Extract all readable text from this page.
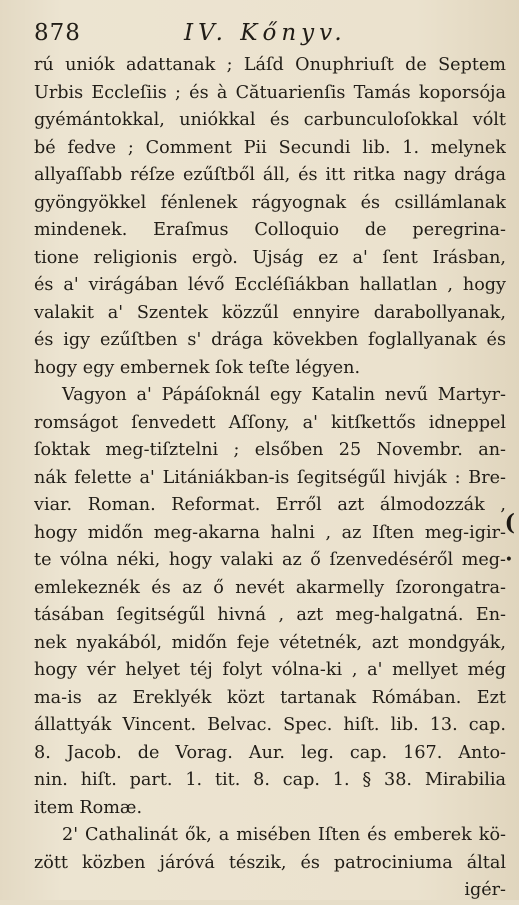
878	IV. Kőnyv.
rú uniók adattanak ; Láſd Onuphriuſt de Septem
Urbis Eccleſiis ; és à Cătuarienſis Tamás koporsója
gyémántokkal, uniókkal és carbunculoſokkal vólt
bé fedve ; Comment Pii Secundi lib. 1. melynek
allyaſſabb réſze ezűſtből áll, és itt ritka nagy drága
gyöngyökkel fénlenek rágyognak és csillámlanak
mindenek. Eraſmus Colloquio de peregrina-
tione religionis ergò. Ujság ez a' ſent Irásban,
és a' virágában lévő Eccléſiákban hallatlan , hogy
valakit a' Szentek közzűl ennyire darabollyanak,
és igy ezűſtben s' drága kövekben foglallyanak és
hogy egy embernek ſok teſte légyen.
Vagyon a' Pápáſoknál egy Katalin nevű Martyr-
romságot ſenvedett Aſſony, a' kitſkettős idneppel
ſoktak meg-tiſztelni ; elsőben 25 Novembr. an-
nák felette a' Litániákban-is ſegitségűl hivják : Bre-
viar. Roman. Reformat. Erről azt álmodozzák ,
hogy midőn meg-akarna halni , az Iſten meg-igir-
te vólna néki, hogy valaki az ő ſzenvedéséről meg-
emlekeznék és az ő nevét akarmelly ſzorongatra-
tásában ſegitségűl hivná , azt meg-halgatná. En-
nek nyakából, midőn feje vétetnék, azt mondgyák,
hogy vér helyet téj folyt vólna-ki , a' mellyet még
ma-is az Ereklyék közt tartanak Rómában. Ezt
állattyák Vincent. Belvac. Spec. hiſt. lib. 13. cap.
8. Jacob. de Vorag. Aur. leg. cap. 167. Anto-
nin. hiſt. part. 1. tit. 8. cap. 1. § 38. Mirabilia
item Romæ.
2' Cathalinát ők, a misében Iſten és emberek kö-
zött közben járóvá tészik, és patrociniuma által
igér-
(
•
